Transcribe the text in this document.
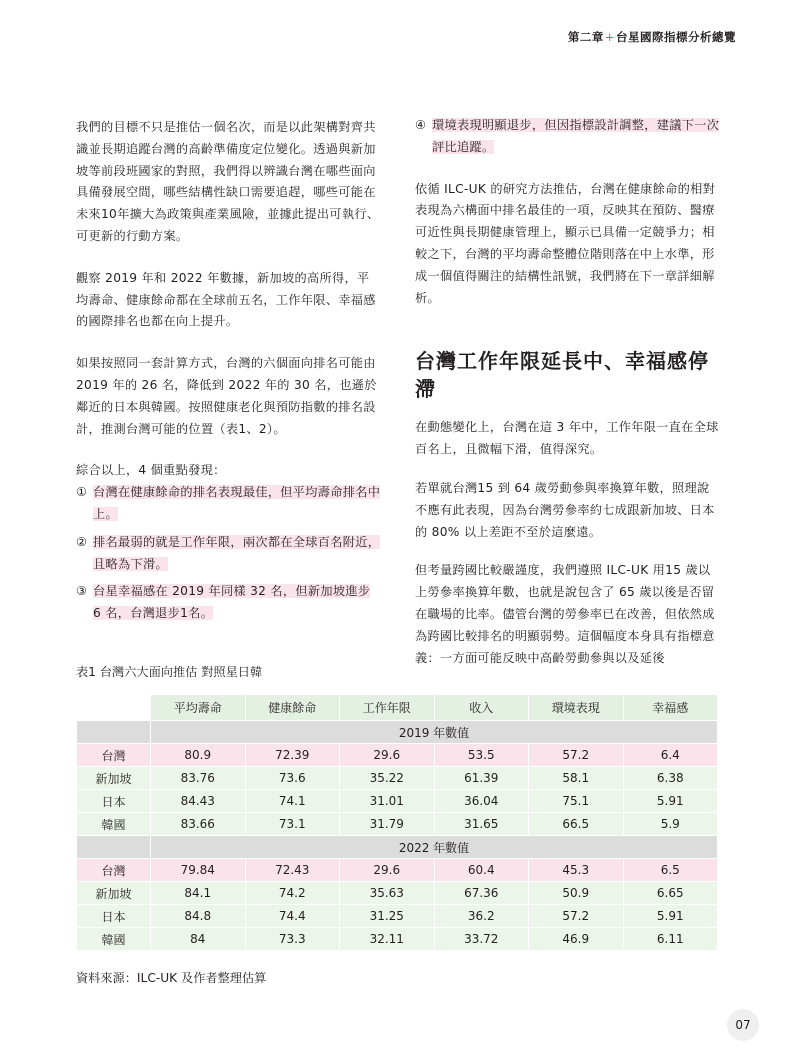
第二章+台星國際指標分析總覽

我們的目標不只是推估一個名次，而是以此架構對齊共識並長期追蹤台灣的高齡準備度定位變化。透過與新加坡等前段班國家的對照，我們得以辨識台灣在哪些面向具備發展空間，哪些結構性缺口需要追趕，哪些可能在未來10年擴大為政策與產業風險，並據此提出可執行、可更新的行動方案。

觀察 2019 年和 2022 年數據，新加坡的高所得，平均壽命、健康餘命都在全球前五名，工作年限、幸福感的國際排名也都在向上提升。

如果按照同一套計算方式，台灣的六個面向排名可能由 2019 年的 26 名，降低到 2022 年的 30 名，也遜於鄰近的日本與韓國。按照健康老化與預防指數的排名設計，推測台灣可能的位置（表1、2）。

綜合以上，4 個重點發現：

① 台灣在健康餘命的排名表現最佳，但平均壽命排名中上。
② 排名最弱的就是工作年限，兩次都在全球百名附近，且略為下滑。
③ 台星幸福感在 2019 年同樣 32 名，但新加坡進步 6 名，台灣退步1名。
④ 環境表現明顯退步，但因指標設計調整，建議下一次評比追蹤。

依循 ILC-UK 的研究方法推估，台灣在健康餘命的相對表現為六構面中排名最佳的一項，反映其在預防、醫療可近性與長期健康管理上，顯示已具備一定競爭力；相較之下，台灣的平均壽命整體位階則落在中上水準，形成一個值得關注的結構性訊號，我們將在下一章詳細解析。

台灣工作年限延長中、幸福感停滯

在動態變化上，台灣在這 3 年中，工作年限一直在全球百名上，且微幅下滑，值得深究。

若單就台灣15 到 64 歲勞動參與率換算年數，照理說不應有此表現，因為台灣勞參率約七成跟新加坡、日本的 80% 以上差距不至於這麼遠。

但考量跨國比較嚴謹度，我們遵照 ILC-UK 用15 歲以上勞參率換算年數，也就是說包含了 65 歲以後是否留在職場的比率。儘管台灣的勞參率已在改善，但依然成為跨國比較排名的明顯弱勢。這個幅度本身具有指標意義：一方面可能反映中高齡勞動參與以及延後

表1 台灣六大面向推估 對照星日韓
	平均壽命	健康餘命	工作年限	收入	環境表現	幸福感
	2019 年數值					
台灣	80.9	72.39	29.6	53.5	57.2	6.4
新加坡	83.76	73.6	35.22	61.39	58.1	6.38
日本	84.43	74.1	31.01	36.04	75.1	5.91
韓國	83.66	73.1	31.79	31.65	66.5	5.9
	2022 年數值					
台灣	79.84	72.43	29.6	60.4	45.3	6.5
新加坡	84.1	74.2	35.63	67.36	50.9	6.65
日本	84.8	74.4	31.25	36.2	57.2	5.91
韓國	84	73.3	32.11	33.72	46.9	6.11
資料來源：ILC-UK 及作者整理估算
07
